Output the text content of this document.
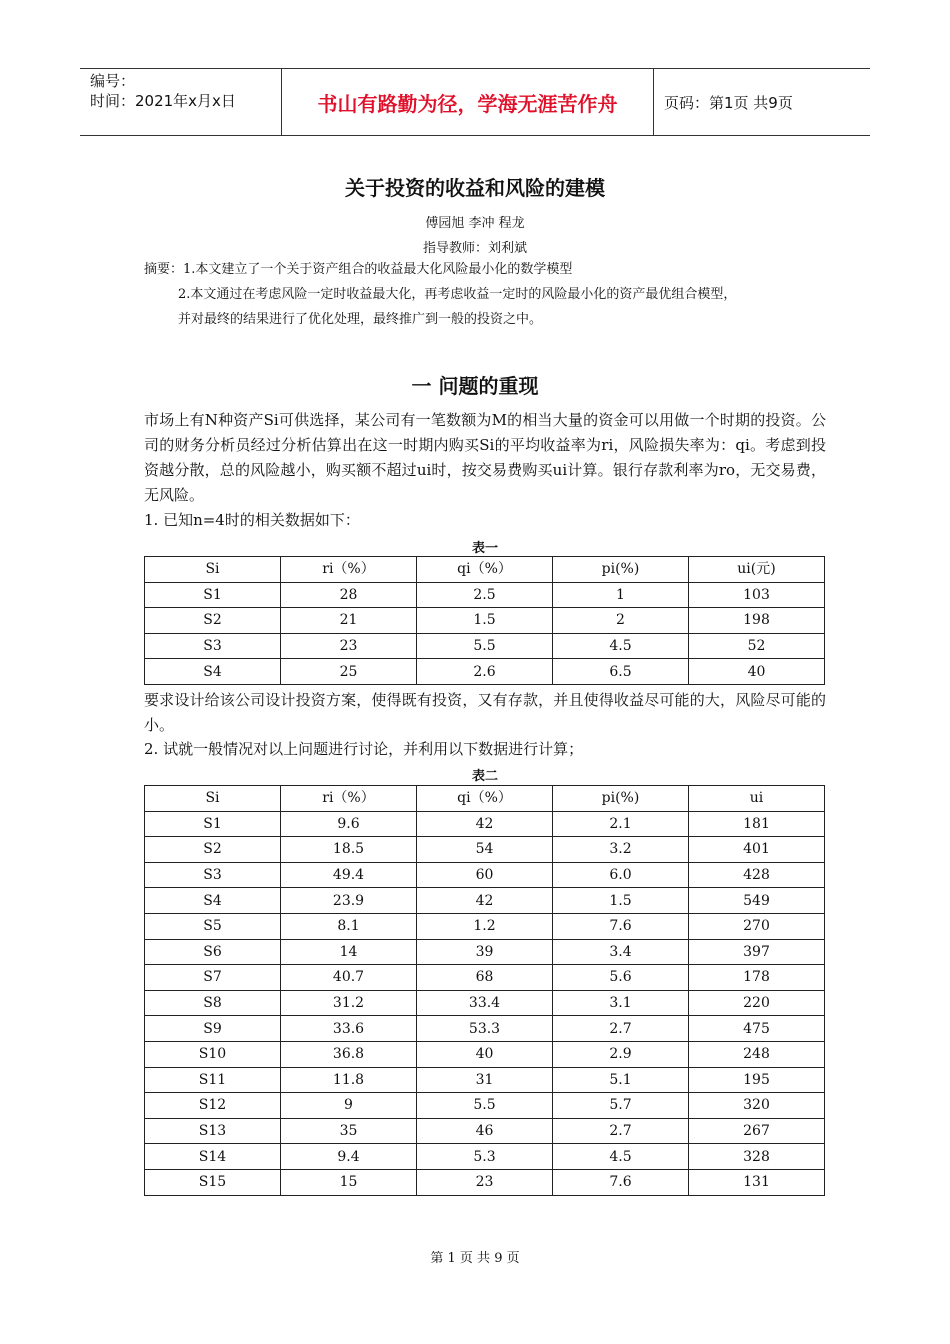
编号：
时间：2021年x月x日	书山有路勤为径，学海无涯苦作舟	页码：第1页 共9页
关于投资的收益和风险的建模
傅园旭 李冲 程龙
指导教师：刘利斌
摘要：1.本文建立了一个关于资产组合的收益最大化风险最小化的数学模型
2.本文通过在考虑风险一定时收益最大化，再考虑收益一定时的风险最小化的资产最优组合模型，
并对最终的结果进行了优化处理，最终推广到一般的投资之中。
一 问题的重现
市场上有N种资产Si可供选择，某公司有一笔数额为M的相当大量的资金可以用做一个时期的投资。公司的财务分析员经过分析估算出在这一时期内购买Si的平均收益率为ri，风险损失率为：qi。考虑到投资越分散，总的风险越小，购买额不超过ui时，按交易费购买ui计算。银行存款利率为ro，无交易费，无风险。
1. 已知n=4时的相关数据如下：
表一
Si	ri（%）	qi（%）	pi(%)	ui(元)
S1	28	2.5	1	103
S2	21	1.5	2	198
S3	23	5.5	4.5	52
S4	25	2.6	6.5	40
要求设计给该公司设计投资方案，使得既有投资，又有存款，并且使得收益尽可能的大，风险尽可能的小。
2. 试就一般情况对以上问题进行讨论，并利用以下数据进行计算；
表二
Si	ri（%）	qi（%）	pi(%)	ui
S1	9.6	42	2.1	181
S2	18.5	54	3.2	401
S3	49.4	60	6.0	428
S4	23.9	42	1.5	549
S5	8.1	1.2	7.6	270
S6	14	39	3.4	397
S7	40.7	68	5.6	178
S8	31.2	33.4	3.1	220
S9	33.6	53.3	2.7	475
S10	36.8	40	2.9	248
S11	11.8	31	5.1	195
S12	9	5.5	5.7	320
S13	35	46	2.7	267
S14	9.4	5.3	4.5	328
S15	15	23	7.6	131
第 1 页 共 9 页
